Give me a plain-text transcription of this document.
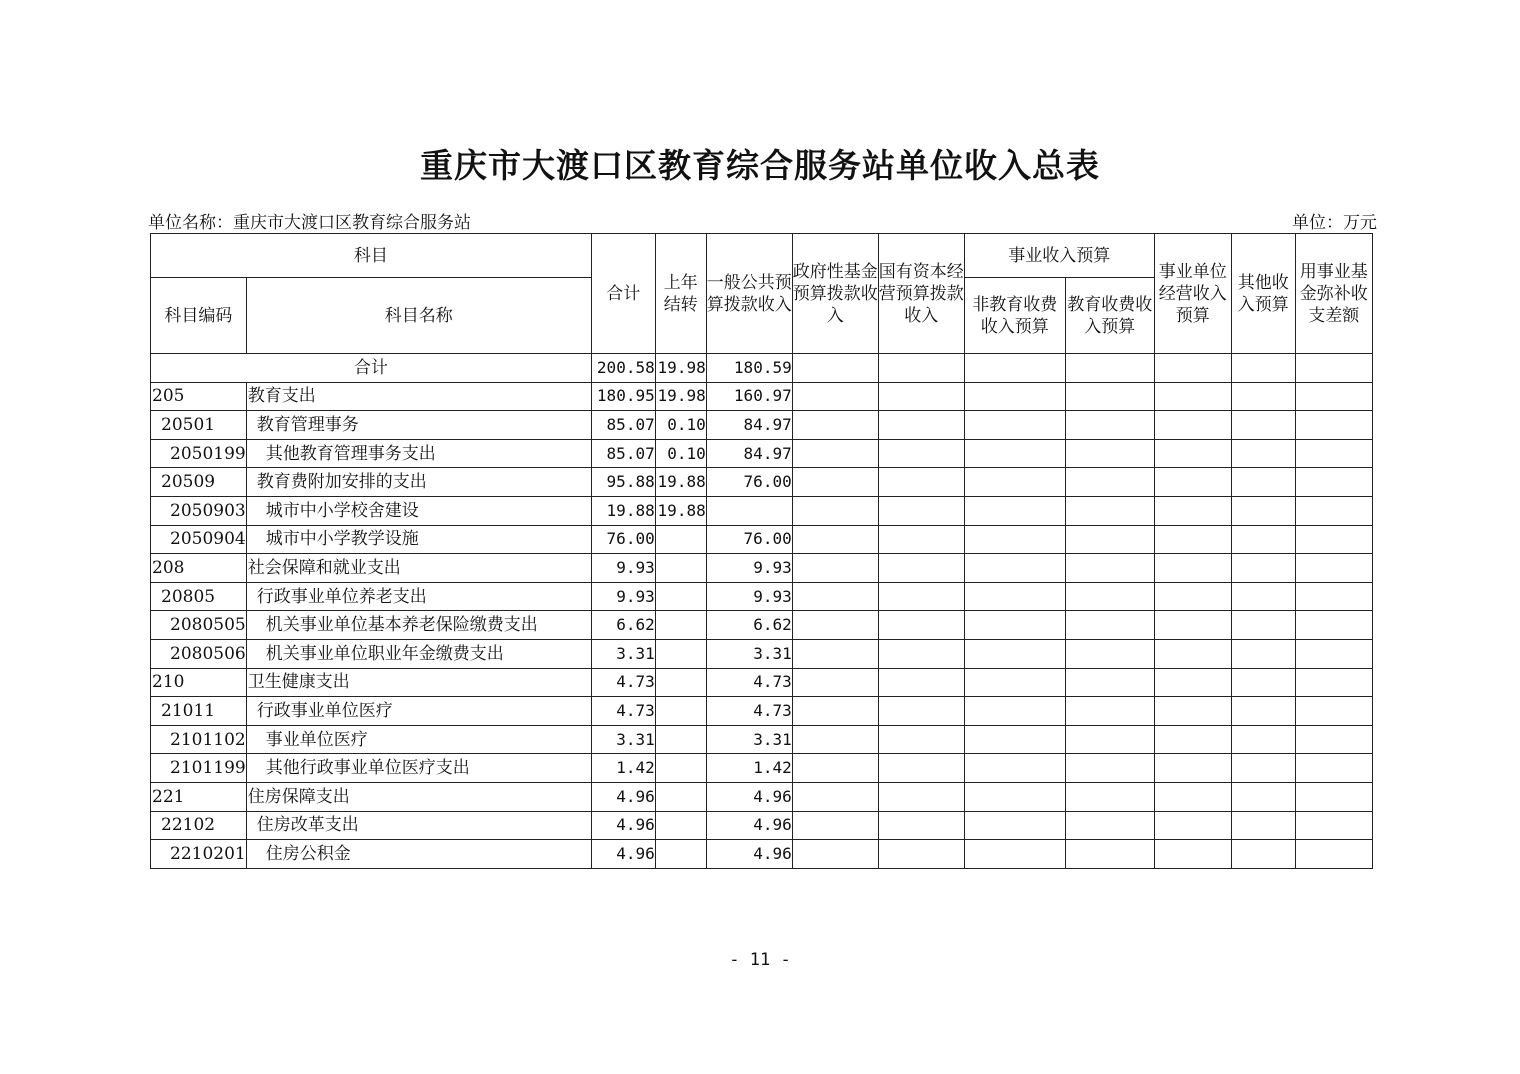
重庆市大渡口区教育综合服务站单位收入总表
单位名称：重庆市大渡口区教育综合服务站	单位：万元
科目		合计	上年结转	一般公共预算拨款收入	政府性基金预算拨款收入	国有资本经营预算拨款收入	事业收入预算		事业单位经营收入预算	其他收入预算	用事业基金弥补收支差额
科目编码	科目名称						非教育收费收入预算	教育收费收入预算			
合计		200.58	19.98	180.59							
205	教育支出	180.95	19.98	160.97							
20501	教育管理事务	85.07	0.10	84.97							
2050199	其他教育管理事务支出	85.07	0.10	84.97							
20509	教育费附加安排的支出	95.88	19.88	76.00							
2050903	城市中小学校舍建设	19.88	19.88								
2050904	城市中小学教学设施	76.00		76.00							
208	社会保障和就业支出	9.93		9.93							
20805	行政事业单位养老支出	9.93		9.93							
2080505	机关事业单位基本养老保险缴费支出	6.62		6.62							
2080506	机关事业单位职业年金缴费支出	3.31		3.31							
210	卫生健康支出	4.73		4.73							
21011	行政事业单位医疗	4.73		4.73							
2101102	事业单位医疗	3.31		3.31							
2101199	其他行政事业单位医疗支出	1.42		1.42							
221	住房保障支出	4.96		4.96							
22102	住房改革支出	4.96		4.96							
2210201	住房公积金	4.96		4.96							
- 11 -
